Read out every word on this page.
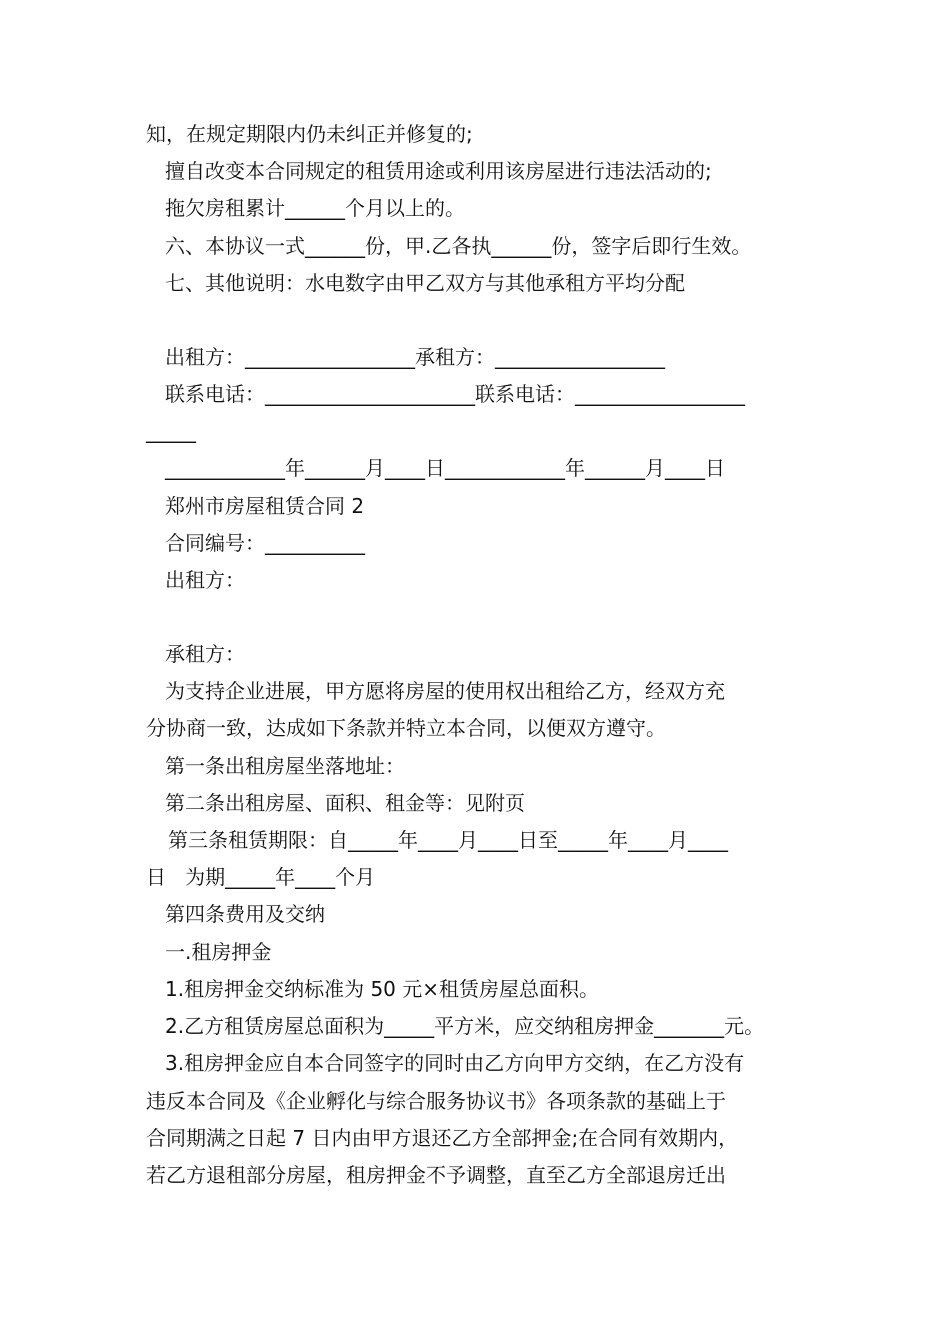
知，在规定期限内仍未纠正并修复的;
擅自改变本合同规定的租赁用途或利用该房屋进行违法活动的;
拖欠房租累计______个月以上的。
六、本协议一式______份，甲.乙各执______份，签字后即行生效。
七、其他说明：水电数字由甲乙双方与其他承租方平均分配
出租方：_________________承租方：_________________
联系电话：_____________________联系电话：_________________
_____
____________年______月____日____________年______月____日
郑州市房屋租赁合同 2
合同编号：__________
出租方：
承租方：
为支持企业进展，甲方愿将房屋的使用权出租给乙方，经双方充
分协商一致，达成如下条款并特立本合同，以便双方遵守。
第一条出租房屋坐落地址：
第二条出租房屋、面积、租金等：见附页
第三条租赁期限：自_____年____月____日至_____年____月____
日   为期_____年____个月
第四条费用及交纳
一.租房押金
1.租房押金交纳标准为 50 元×租赁房屋总面积。
2.乙方租赁房屋总面积为_____平方米，应交纳租房押金_______元。
3.租房押金应自本合同签字的同时由乙方向甲方交纳，在乙方没有
违反本合同及《企业孵化与综合服务协议书》各项条款的基础上于
合同期满之日起 7 日内由甲方退还乙方全部押金;在合同有效期内，
若乙方退租部分房屋，租房押金不予调整，直至乙方全部退房迁出
